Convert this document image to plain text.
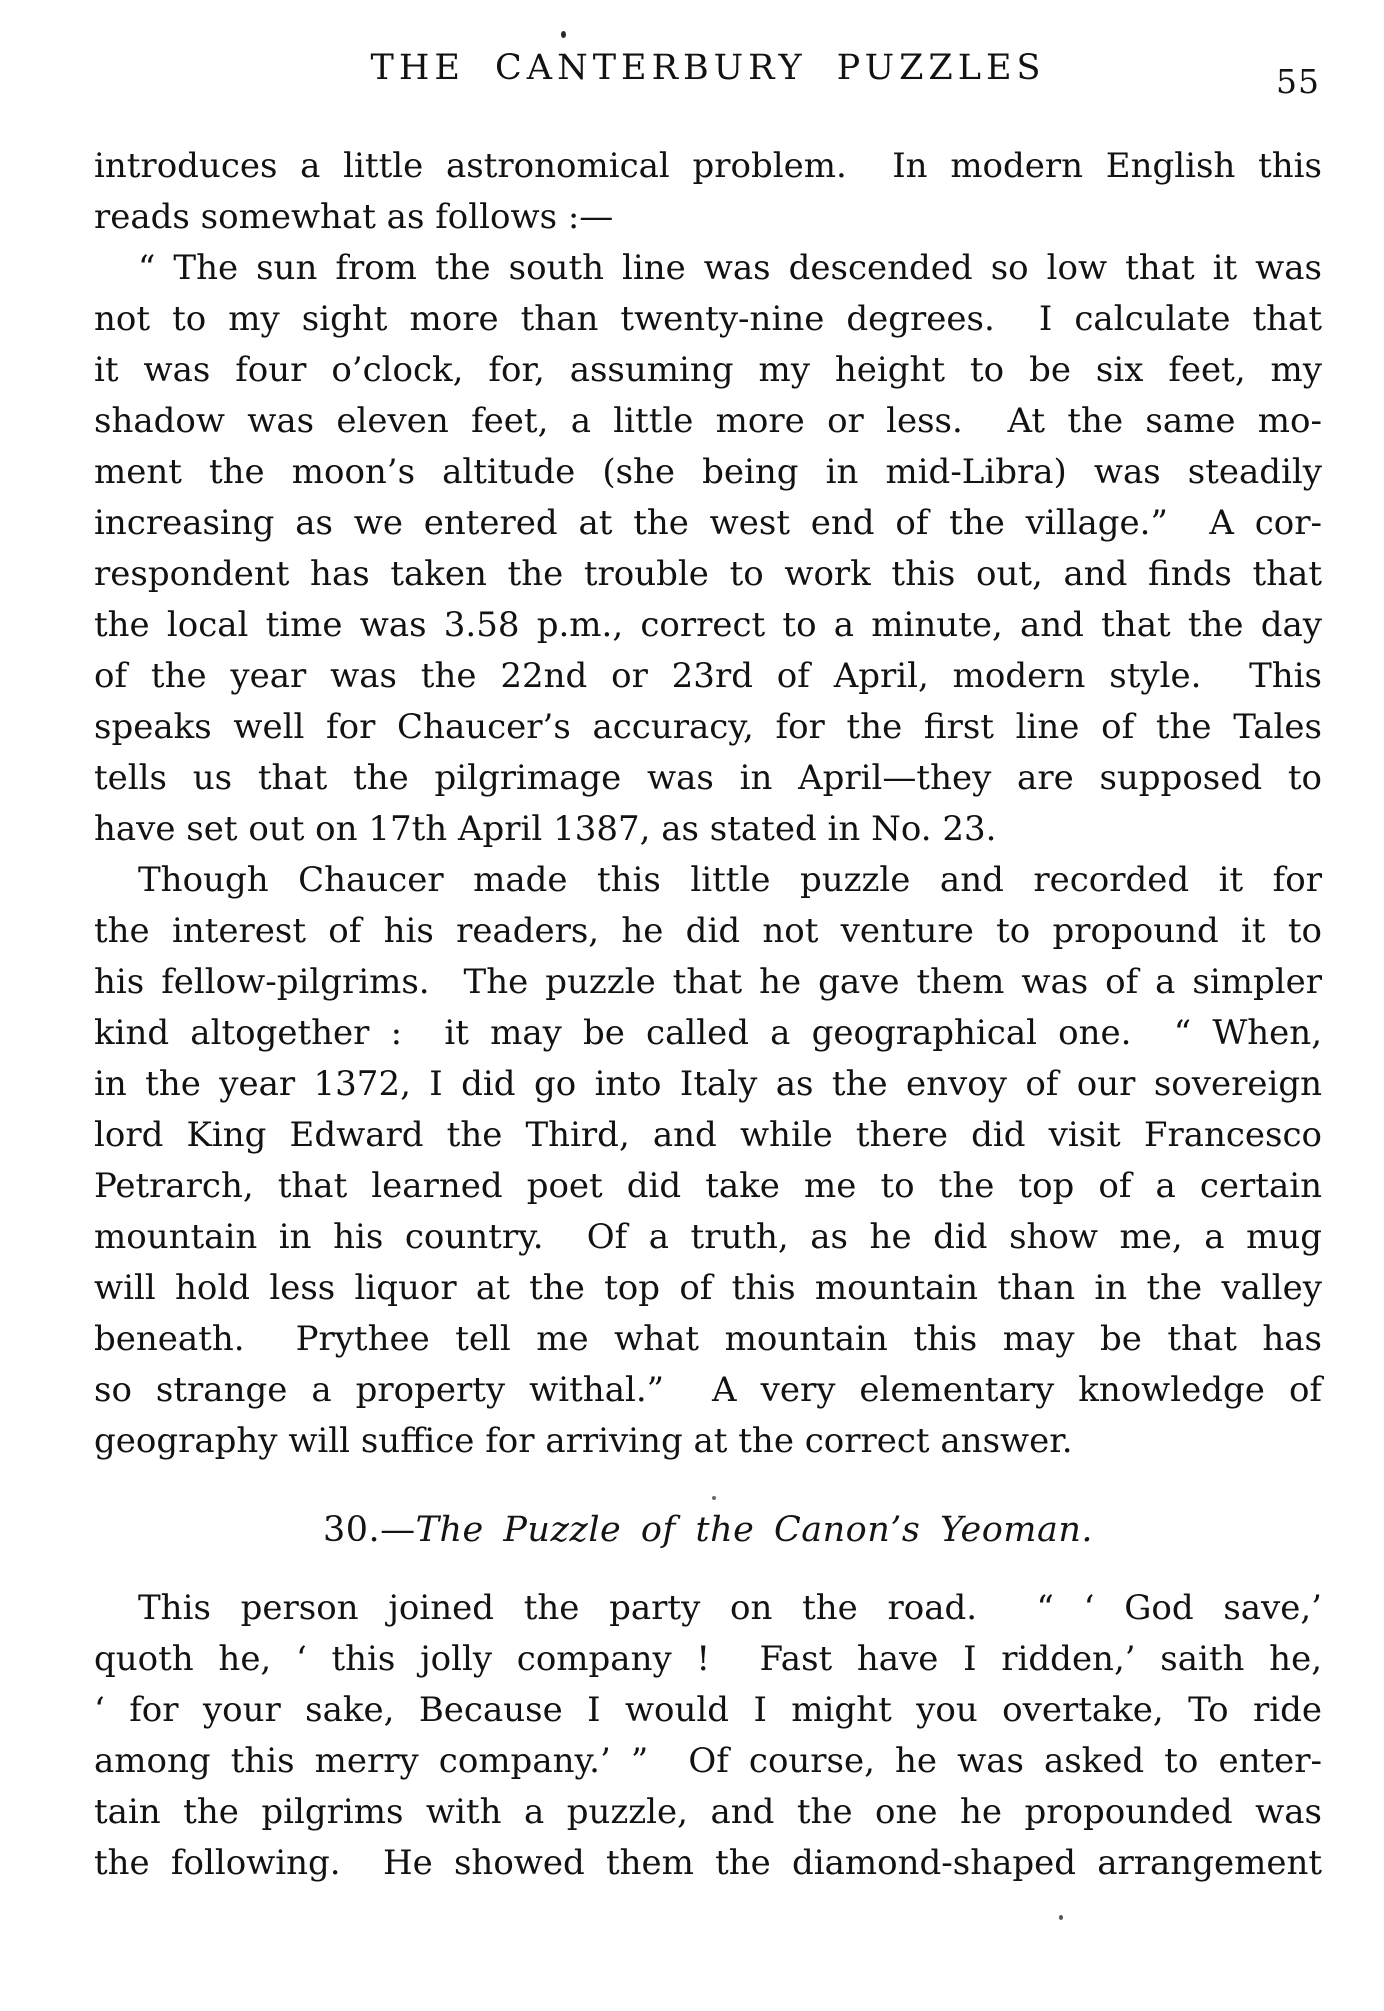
THE CANTERBURY PUZZLES	55
introduces a little astronomical problem.  In modern English this
reads somewhat as follows :—
“ The sun from the south line was descended so low that it was
not to my sight more than twenty-nine degrees.  I calculate that
it was four o’clock, for, assuming my height to be six feet, my
shadow was eleven feet, a little more or less.  At the same mo-
ment the moon’s altitude (she being in mid-Libra) was steadily
increasing as we entered at the west end of the village.”  A cor-
respondent has taken the trouble to work this out, and finds that
the local time was 3.58 p.m., correct to a minute, and that the day
of the year was the 22nd or 23rd of April, modern style.  This
speaks well for Chaucer’s accuracy, for the first line of the Tales
tells us that the pilgrimage was in April—they are supposed to
have set out on 17th April 1387, as stated in No. 23.
Though Chaucer made this little puzzle and recorded it for
the interest of his readers, he did not venture to propound it to
his fellow-pilgrims.  The puzzle that he gave them was of a simpler
kind altogether :  it may be called a geographical one.  “ When,
in the year 1372, I did go into Italy as the envoy of our sovereign
lord King Edward the Third, and while there did visit Francesco
Petrarch, that learned poet did take me to the top of a certain
mountain in his country.  Of a truth, as he did show me, a mug
will hold less liquor at the top of this mountain than in the valley
beneath.  Prythee tell me what mountain this may be that has
so strange a property withal.”  A very elementary knowledge of
geography will suffice for arriving at the correct answer.
30.—The Puzzle of the Canon’s Yeoman.
This person joined the party on the road.  “ ‘ God save,’
quoth he, ‘ this jolly company !  Fast have I ridden,’ saith he,
‘ for your sake, Because I would I might you overtake, To ride
among this merry company.’ ”  Of course, he was asked to enter-
tain the pilgrims with a puzzle, and the one he propounded was
the following.  He showed them the diamond-shaped arrangement
